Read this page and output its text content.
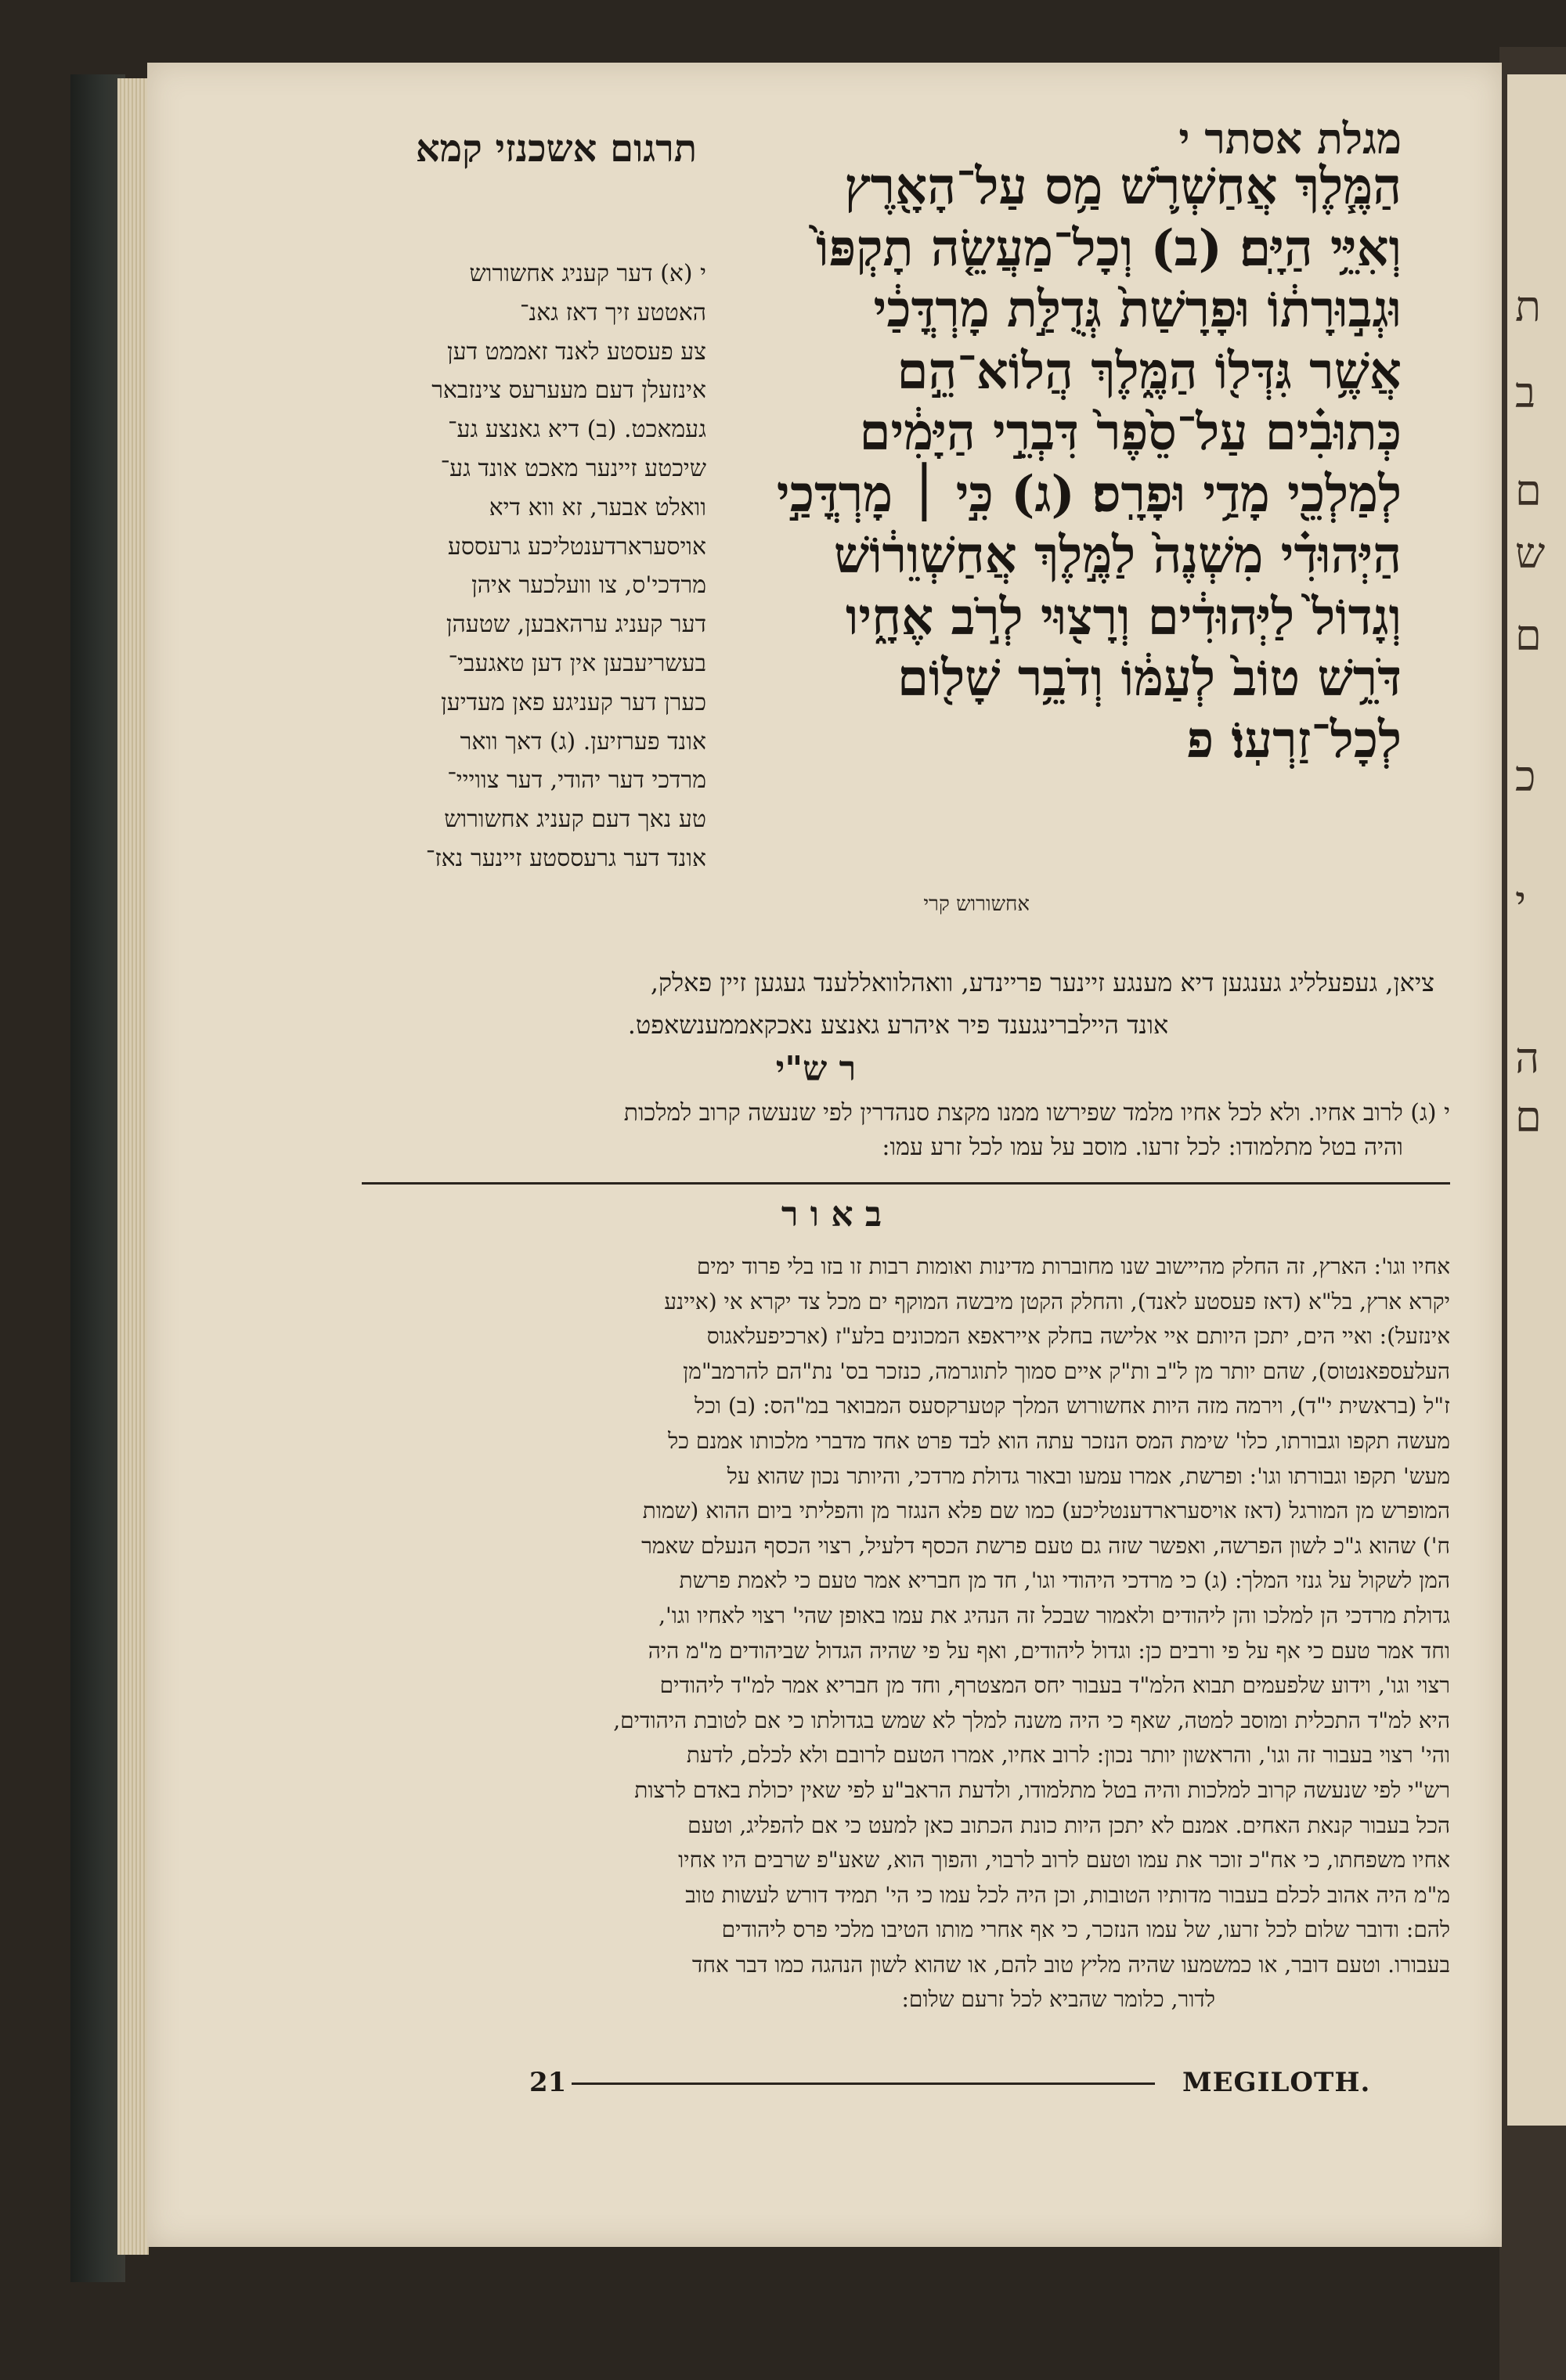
ת
ב
ם
ש
ם
כ
י
ה
ם
מגלת אסתר י
תרגום אשכנזי קמא
הַמֶּ֧לֶךְ אֲחַשְׁרֹ֛שׁ מַ֥ס עַל־הָאָ֖רֶץ
וְאִיֵּ֥י הַיָּֽם׃ (ב) וְכָל־מַעֲשֵׂ֤ה תָקְפּוֹ֙
וּגְב֣וּרָת֔וֹ וּפָרָשַׁת֙ גְּדֻלַּ֣ת מָרְדֳּכַ֔י
אֲשֶׁ֥ר גִּדְּל֖וֹ הַמֶּ֑לֶךְ הֲלוֹא־הֵ֣ם
כְּתוּבִ֗ים עַל־סֵ֙פֶר֙ דִּבְרֵ֣י הַיָּמִ֔ים
לְמַלְכֵ֖י מָדַ֥י וּפָרָֽס׃ (ג) כִּ֣י ׀ מָרְדֳּכַ֣י
הַיְּהוּדִ֗י מִשְׁנֶה֙ לַמֶּ֣לֶךְ אֲחַשְׁוֵר֔וֹשׁ
וְגָדוֹל֙ לַיְּהוּדִ֔ים וְרָצ֖וּי לְרֹ֣ב אֶחָ֑יו
דֹּרֵ֥שׁ טוֹב֙ לְעַמּ֔וֹ וְדֹבֵ֥ר שָׁל֖וֹם
לְכָל־זַרְעֽוֹ׃ פ
אחשורוש קרי
י (א) דער קעניג אחשורוש
האטטע זיך דאז גאנ־
צע פעסטע לאנד זאממט דען
אינזעלן דעם מעערעס צינזבאר
געמאכט. (ב) דיא גאנצע גע־
שיכטע זיינער מאכט אונד גע־
וואלט אבער, זא ווא דיא
אויסערארדענטליכע גרעססע
מרדכי'ס, צו וועלכער איהן
דער קעניג ערהאבען, שטעהן
בעשריעבען אין דען טאגעבי־
כערן דער קעניגע פאן מעדיען
אונד פערזיען. (ג) דאך וואר
מרדכי דער יהודי, דער צווייי־
טע נאך דעם קעניג אחשורוש
אונד דער גרעססטע זיינער נאז־
ציאן, געפעלליג גענגען דיא מענגע זיינער פריינדע, וואהלוואללענד געגען זיין פאלק,
אונד היילברינגענד פיר איהרע גאנצע נאכקאממענשאפט.
ר ש"י
י (ג) לרוב אחיו. ולא לכל אחיו מלמד שפירשו ממנו מקצת סנהדרין לפי שנעשה קרוב למלכות
והיה בטל מתלמודו: לכל זרעו. מוסב על עמו לכל זרע עמו:
ב א ו ר
אחיו וגו': הארץ, זה החלק מהיישוב שנו מחוברות מדינות ואומות רבות זו בזו בלי פרוד ימים
יקרא ארץ, בל"א (דאז פעסטע לאנד), והחלק הקטן מיבשה המוקף ים מכל צד יקרא אי (איינע
אינזעל): ואיי הים, יתכן היותם איי אלישה בחלק אייראפא המכונים בלע"ז (ארכיפעלאגוס
העלעספאנטוס), שהם יותר מן ל"ב ות"ק איים סמוך לתוגרמה, כנזכר בס' נת"הם להרמב"מן
ז"ל (בראשית י"ד), וירמה מזה היות אחשורוש המלך קטערקסעס המבואר במ"הס: (ב) וכל
מעשה תקפו וגבורתו, כלו' שימת המס הנזכר עתה הוא לבד פרט אחד מדברי מלכותו אמנם כל
מעש' תקפו וגבורתו וגו': ופרשת, אמרו עמעו ובאור גדולת מרדכי, והיותר נכון שהוא על
המופרש מן המורגל (דאז אויסערארדענטליכע) כמו שם פלא הנגזר מן והפליתי ביום ההוא (שמות
ח') שהוא ג"כ לשון הפרשה, ואפשר שזה גם טעם פרשת הכסף דלעיל, רצוי הכסף הנעלם שאמר
המן לשקול על גנזי המלך: (ג) כי מרדכי היהודי וגו', חד מן חבריא אמר טעם כי לאמת פרשת
גדולת מרדכי הן למלכו והן ליהודים ולאמור שבכל זה הנהיג את עמו באופן שהי' רצוי לאחיו וגו',
וחד אמר טעם כי אף על פי ורבים כן: וגדול ליהודים, ואף על פי שהיה הגדול שביהודים מ"מ היה
רצוי וגו', וידוע שלפעמים תבוא הלמ"ד בעבור יחס המצטרף, וחד מן חבריא אמר למ"ד ליהודים
היא למ"ד התכלית ומוסב למטה, שאף כי היה משנה למלך לא שמש בגדולתו כי אם לטובת היהודים,
והי' רצוי בעבור זה וגו', והראשון יותר נכון: לרוב אחיו, אמרו הטעם לרובם ולא לכלם, לדעת
רש"י לפי שנעשה קרוב למלכות והיה בטל מתלמודו, ולדעת הראב"ע לפי שאין יכולת באדם לרצות
הכל בעבור קנאת האחים. אמנם לא יתכן היות כונת הכתוב כאן למעט כי אם להפליג, וטעם
אחיו משפחתו, כי אח"כ זוכר את עמו וטעם לרוב לרבוי, והפוך הוא, שאע"פ שרבים היו אחיו
מ"מ היה אהוב לכלם בעבור מדותיו הטובות, וכן היה לכל עמו כי הי' תמיד דורש לעשות טוב
להם: ודובר שלום לכל זרעו, של עמו הנזכר, כי אף אחרי מותו הטיבו מלכי פרס ליהודים
בעבורו. וטעם דובר, או כמשמעו שהיה מליץ טוב להם, או שהוא לשון הנהגה כמו דבר אחד
לדור, כלומר שהביא לכל זרעם שלום:
21	MEGILOTH.
